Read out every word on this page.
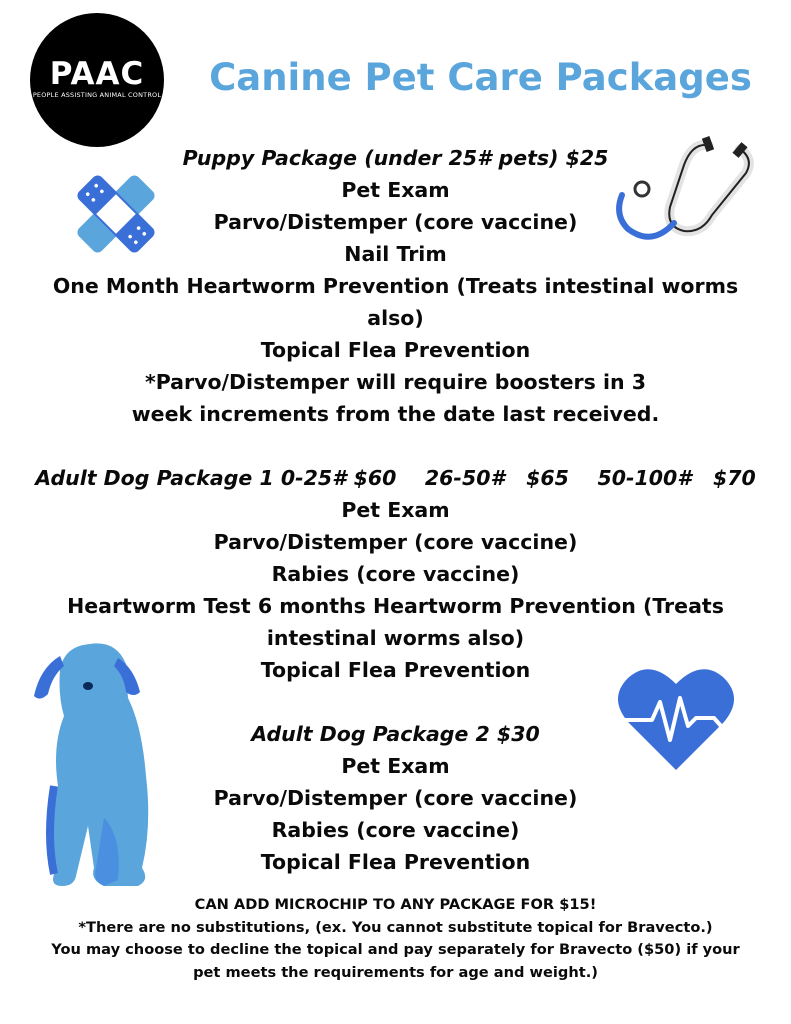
PAAC
PEOPLE ASSISTING ANIMAL CONTROL	Canine Pet Care Packages
Puppy Package (under 25# pets) $25
Pet Exam
Parvo/Distemper (core vaccine)
Nail Trim
One Month Heartworm Prevention (Treats intestinal worms also)
Topical Flea Prevention
*Parvo/Distemper will require boosters in 3 week increments from the date last received.
Adult Dog Package 1 0-25# $60    26-50#   $65    50-100#   $70
Pet Exam
Parvo/Distemper (core vaccine)
Rabies (core vaccine)
Heartworm Test 6 months Heartworm Prevention (Treats intestinal worms also)
Topical Flea Prevention
Adult Dog Package 2 $30
Pet Exam
Parvo/Distemper (core vaccine)
Rabies (core vaccine)
Topical Flea Prevention
CAN ADD MICROCHIP TO ANY PACKAGE FOR $15!
*There are no substitutions, (ex. You cannot substitute topical for Bravecto.)
You may choose to decline the topical and pay separately for Bravecto ($50) if your pet meets the requirements for age and weight.)
